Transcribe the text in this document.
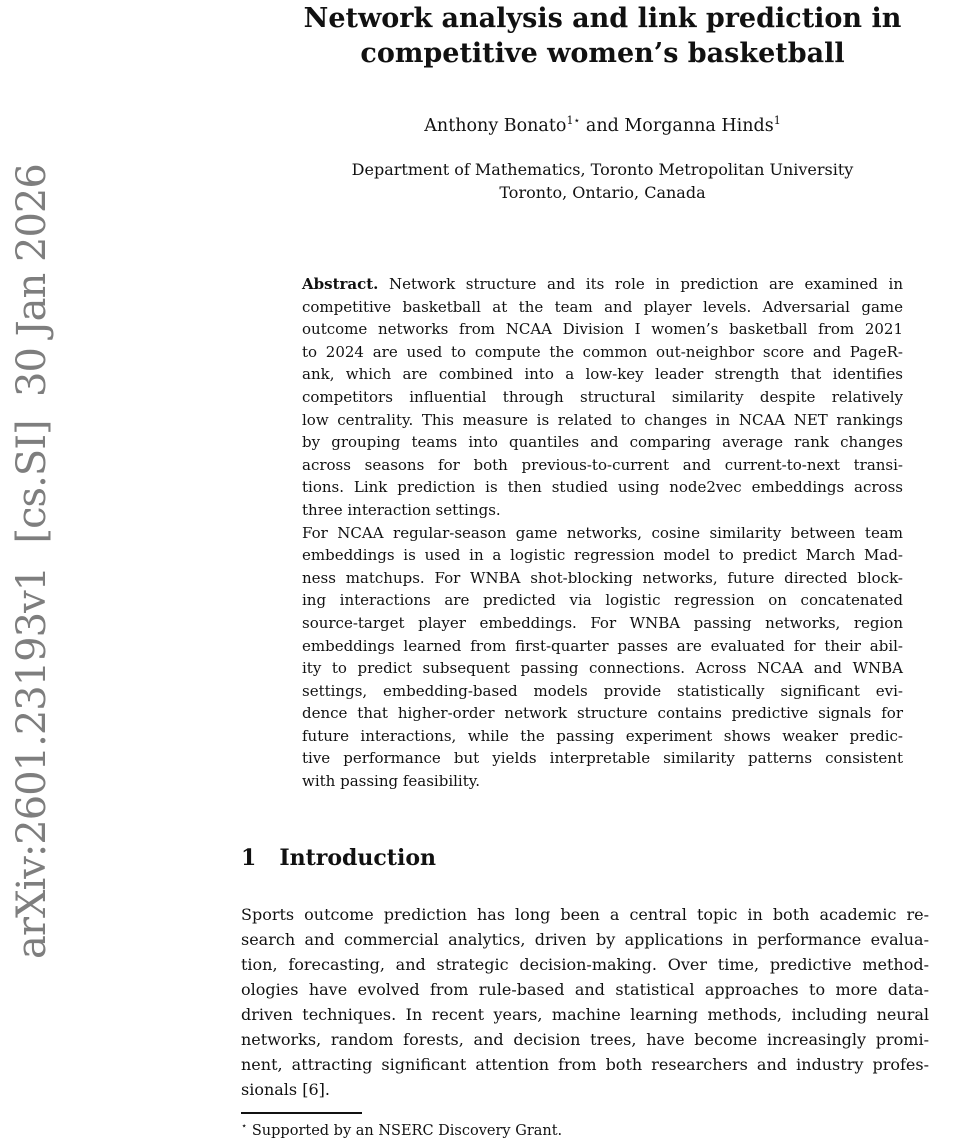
arXiv:2601.23193v1  [cs.SI]  30 Jan 2026
Network analysis and link prediction in
competitive women’s basketball
Anthony Bonato$^{1⋆}$ and Morganna Hinds$^1$
Department of Mathematics, Toronto Metropolitan University
Toronto, Ontario, Canada
Abstract. Network structure and its role in prediction are examined in
competitive basketball at the team and player levels. Adversarial game
outcome networks from NCAA Division I women’s basketball from 2021
to 2024 are used to compute the common out-neighbor score and PageR-
ank, which are combined into a low-key leader strength that identifies
competitors influential through structural similarity despite relatively
low centrality. This measure is related to changes in NCAA NET rankings
by grouping teams into quantiles and comparing average rank changes
across seasons for both previous-to-current and current-to-next transi-
tions. Link prediction is then studied using node2vec embeddings across
three interaction settings.
For NCAA regular-season game networks, cosine similarity between team
embeddings is used in a logistic regression model to predict March Mad-
ness matchups. For WNBA shot-blocking networks, future directed block-
ing interactions are predicted via logistic regression on concatenated
source-target player embeddings. For WNBA passing networks, region
embeddings learned from first-quarter passes are evaluated for their abil-
ity to predict subsequent passing connections. Across NCAA and WNBA
settings, embedding-based models provide statistically significant evi-
dence that higher-order network structure contains predictive signals for
future interactions, while the passing experiment shows weaker predic-
tive performance but yields interpretable similarity patterns consistent
with passing feasibility.
1 Introduction
Sports outcome prediction has long been a central topic in both academic re-
search and commercial analytics, driven by applications in performance evalua-
tion, forecasting, and strategic decision-making. Over time, predictive method-
ologies have evolved from rule-based and statistical approaches to more data-
driven techniques. In recent years, machine learning methods, including neural
networks, random forests, and decision trees, have become increasingly promi-
nent, attracting significant attention from both researchers and industry profes-
sionals [6].
⋆ Supported by an NSERC Discovery Grant.
